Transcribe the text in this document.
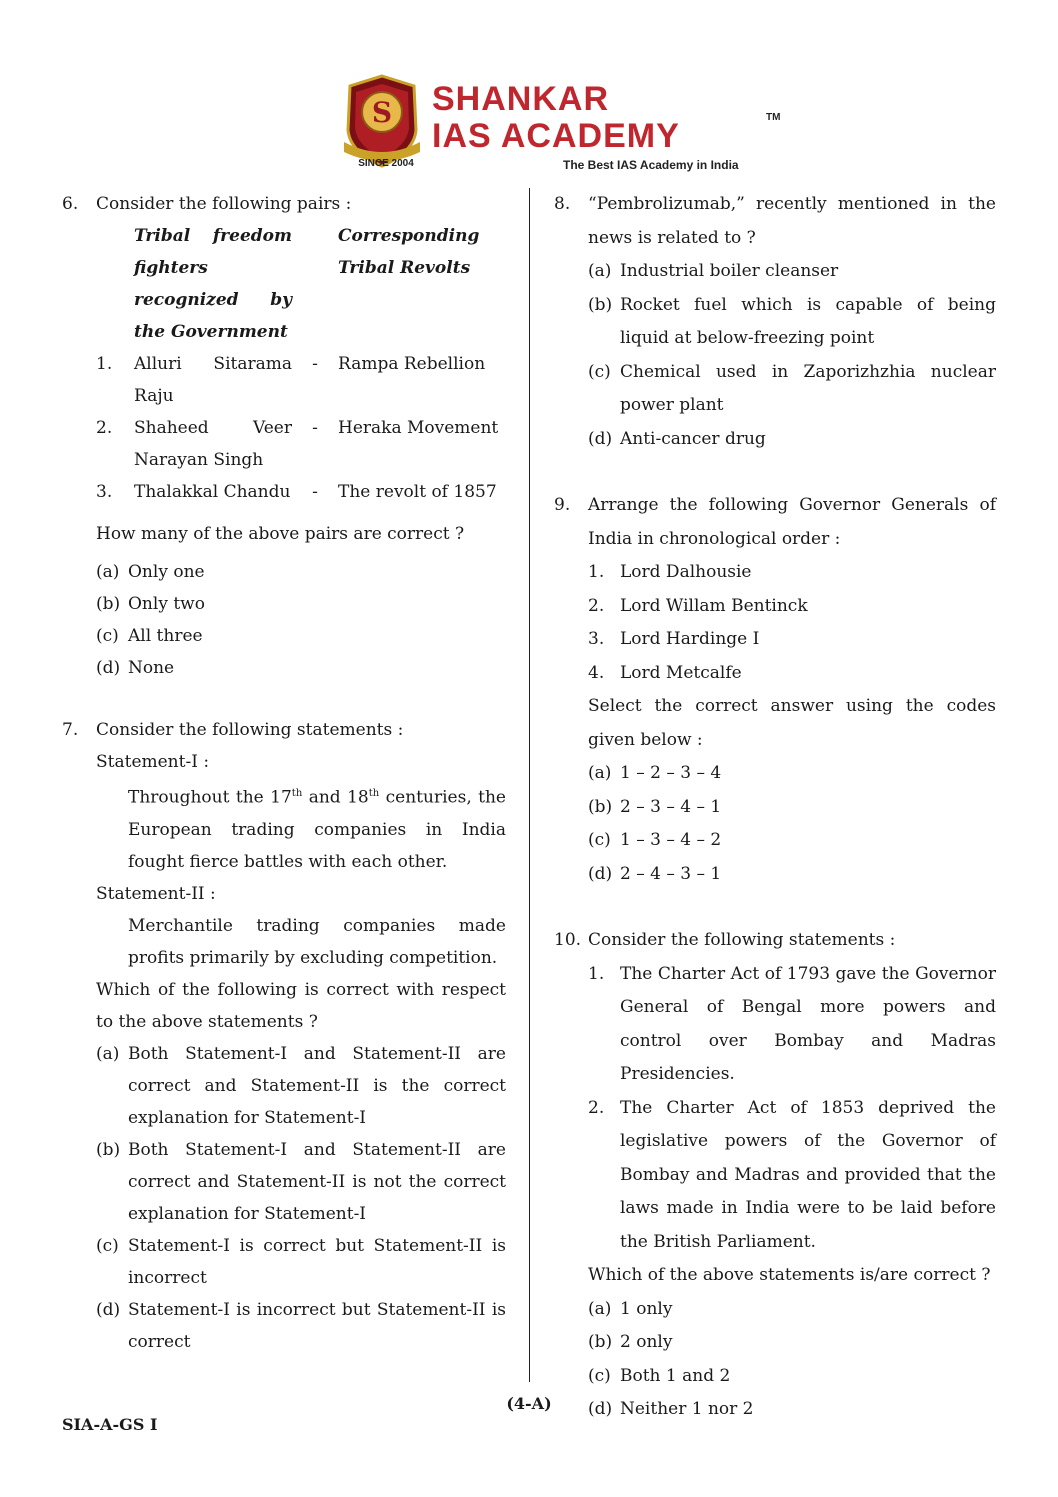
S
SINCE 2004
SHANKAR
IAS ACADEMY	TM
The Best IAS Academy in India
6.	Consider the following pairs :
	Tribal freedom fighters recognized by the Government		Corresponding Tribal Revolts
1.	Alluri Sitarama Raju	-	Rampa Rebellion
2.	Shaheed Veer Narayan Singh	-	Heraka Movement
3.	Thalakkal Chandu	-	The revolt of 1857
How many of the above pairs are correct ?
(a) Only one
(b) Only two
(c) All three
(d) None
7.	Consider the following statements :
Statement-I :
Throughout the 17th and 18th centuries, the European trading companies in India fought fierce battles with each other.
Statement-II :
Merchantile trading companies made profits primarily by excluding competition.
Which of the following is correct with respect to the above statements ?
(a) Both Statement-I and Statement-II are correct and Statement-II is the correct explanation for Statement-I
(b) Both Statement-I and Statement-II are correct and Statement-II is not the correct explanation for Statement-I
(c) Statement-I is correct but Statement-II is incorrect
(d) Statement-I is incorrect but Statement-II is correct
8.	“Pembrolizumab,” recently mentioned in the news is related to ?
(a) Industrial boiler cleanser
(b) Rocket fuel which is capable of being liquid at below-freezing point
(c) Chemical used in Zaporizhzhia nuclear power plant
(d) Anti-cancer drug
9.	Arrange the following Governor Generals of India in chronological order :
1. Lord Dalhousie
2. Lord Willam Bentinck
3. Lord Hardinge I
4. Lord Metcalfe
Select the correct answer using the codes given below :
(a) 1 – 2 – 3 – 4
(b) 2 – 3 – 4 – 1
(c) 1 – 3 – 4 – 2
(d) 2 – 4 – 3 – 1
10. Consider the following statements :
1. The Charter Act of 1793 gave the Governor General of Bengal more powers and control over Bombay and Madras Presidencies.
2. The Charter Act of 1853 deprived the legislative powers of the Governor of Bombay and Madras and provided that the laws made in India were to be laid before the British Parliament.
Which of the above statements is/are correct ?
(a) 1 only
(b) 2 only
(c) Both 1 and 2
(d) Neither 1 nor 2
(4-A)
SIA-A-GS I
